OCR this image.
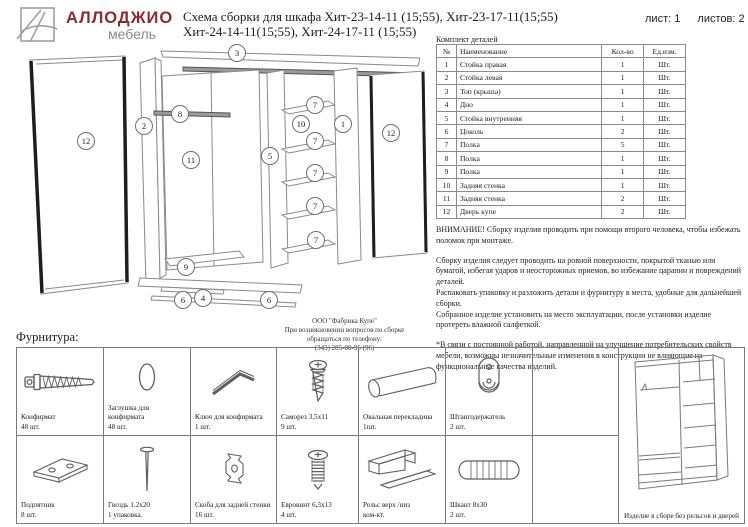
АЛЛОДЖИО
мебель
Схема сборки для шкафа Хит-23-14-11 (15;55), Хит-23-17-11(15;55)
Хит-24-14-11(15;55), Хит-24-17-11 (15;55)
лист: 1 листов: 2
3
8
2
12
11	5
10	1
12
7
7
7
7
7
9
6 4	6
ООО "Фабрика Купе"
При возникновении вопросов по сборке
обращаться по телефону:
(343) 285-00-95 (96)
Комплект деталей
№	Наименование	Кол-во	Ед.изм.
1	Стойка правая	1	Шт.
2	Стойка левая	1	Шт.
3	Топ (крыша)	1	Шт.
4	Дно	1	Шт.
5	Стойка внутренняя	1	Шт.
6	Цоколь	2	Шт.
7	Полка	5	Шт.
8	Полка	1	Шт.
9	Полка	1	Шт.
10	Задняя стенка	1	Шт.
11	Задняя стенка	2	Шт.
12	Дверь купе	2	Шт.

ВНИМАНИЕ! Сборку изделия проводить при помощи второго человека, чтобы избежать поломок при монтаже.

Сборку изделия следует проводить на ровной поверхности, покрытой тканью или бумагой, избегая ударов и неосторожных приемов, во избежание царапин и повреждений деталей.

Распаковать упаковку и разложить детали и фурнитуру в места, удобные для дальнейшей сборки.

Собранное изделие установить на место эксплуатации, после установки изделие протереть влажной салфеткой.

*В связи с постоянной работой, направленной на улучшение потребительских свойств мебели, возможны незначительные изменения в конструкции не влияющие на функциональные качества изделий.

Фурнитура:
Конфирмат
48 шт.
Заглушка для конфирмата
48 шт.
Ключ для конфирмата
1 шт.
Саморез 3,5х11
9 шт.
Овальная перекладина
1шт.
Штангодержатель
2 шт.
Подпятник
8 шт.
Гвоздь 1.2х20
1 упаковка.
Скоба для задней стенки
16 шт.
Евровинт 6,3х13
4 шт.
Рельс верх /низ
ком-кт.
Шкант 8х30
2 шт.	Изделие в сборе без рельсов и дверей
